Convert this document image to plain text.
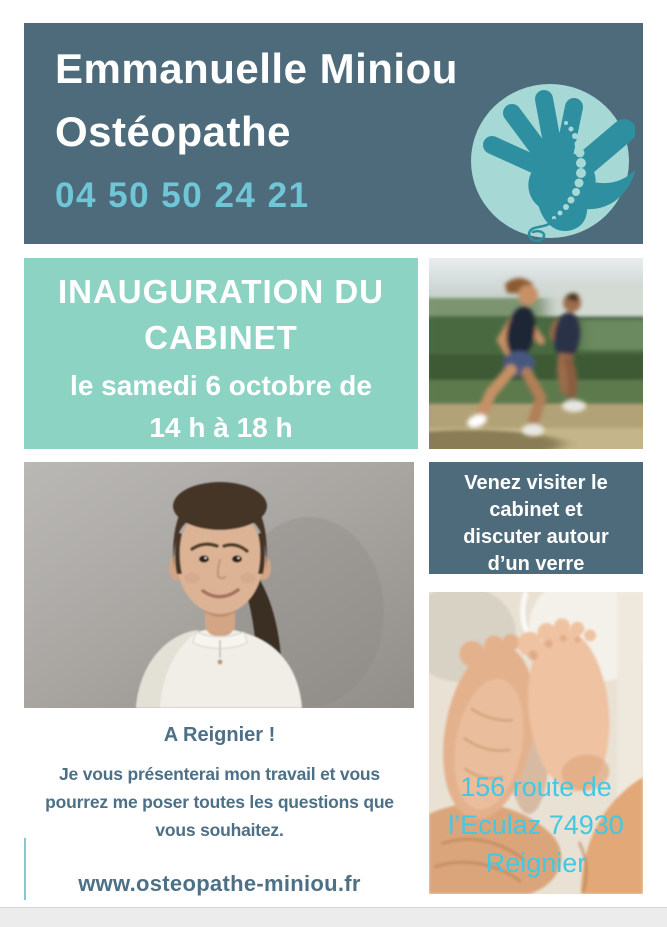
Emmanuelle Miniou
Ostéopathe
04 50 50 24 21
INAUGURATION DU
CABINET
le samedi 6 octobre de
14 h à 18 h
Venez visiter le
cabinet et
discuter autour
d’un verre
156 route de
l’Eculaz 74930
Reignier
A Reignier !
Je vous présenterai mon travail et vous
pourrez me poser toutes les questions que
vous souhaitez.
www.osteopathe-miniou.fr
